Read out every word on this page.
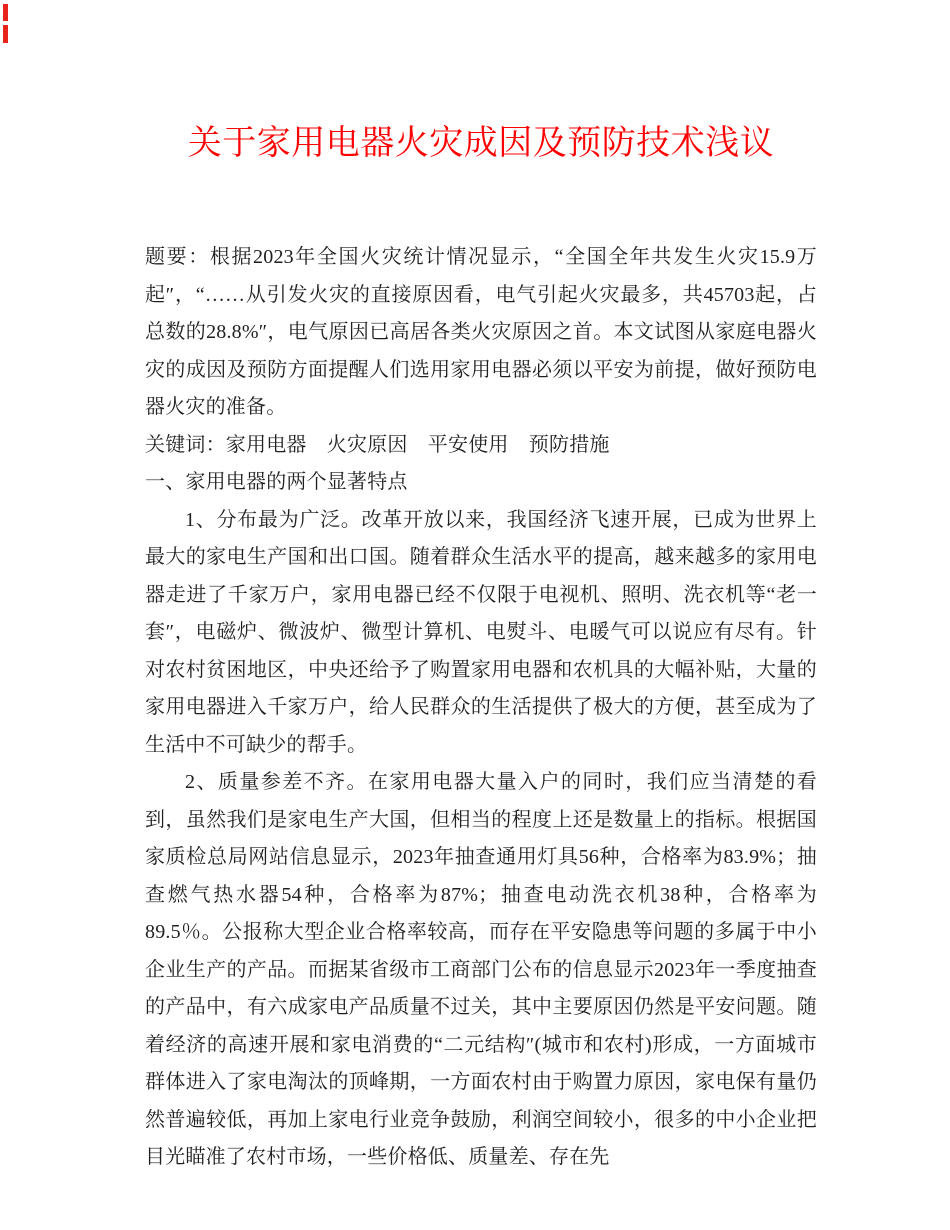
关于家用电器火灾成因及预防技术浅议

题要：根据2023年全国火灾统计情况显示，“全国全年共发生火灾15.9万起″，“……从引发火灾的直接原因看，电气引起火灾最多，共45703起，占总数的28.8%″，电气原因已高居各类火灾原因之首。本文试图从家庭电器火灾的成因及预防方面提醒人们选用家用电器必须以平安为前提，做好预防电器火灾的准备。

关键词：家用电器　火灾原因　平安使用　预防措施

一、家用电器的两个显著特点

1、分布最为广泛。改革开放以来，我国经济飞速开展，已成为世界上最大的家电生产国和出口国。随着群众生活水平的提高，越来越多的家用电器走进了千家万户，家用电器已经不仅限于电视机、照明、洗衣机等“老一套″，电磁炉、微波炉、微型计算机、电熨斗、电暖气可以说应有尽有。针对农村贫困地区，中央还给予了购置家用电器和农机具的大幅补贴，大量的家用电器进入千家万户，给人民群众的生活提供了极大的方便，甚至成为了生活中不可缺少的帮手。

2、质量参差不齐。在家用电器大量入户的同时，我们应当清楚的看到，虽然我们是家电生产大国，但相当的程度上还是数量上的指标。根据国家质检总局网站信息显示，2023年抽查通用灯具56种，合格率为83.9%；抽查燃气热水器54种，合格率为87%；抽查电动洗衣机38种，合格率为89.5％。公报称大型企业合格率较高，而存在平安隐患等问题的多属于中小企业生产的产品。而据某省级市工商部门公布的信息显示2023年一季度抽查的产品中，有六成家电产品质量不过关，其中主要原因仍然是平安问题。随着经济的高速开展和家电消费的“二元结构″(城市和农村)形成，一方面城市群体进入了家电淘汰的顶峰期，一方面农村由于购置力原因，家电保有量仍然普遍较低，再加上家电行业竞争鼓励，利润空间较小，很多的中小企业把目光瞄准了农村市场，一些价格低、质量差、存在先
